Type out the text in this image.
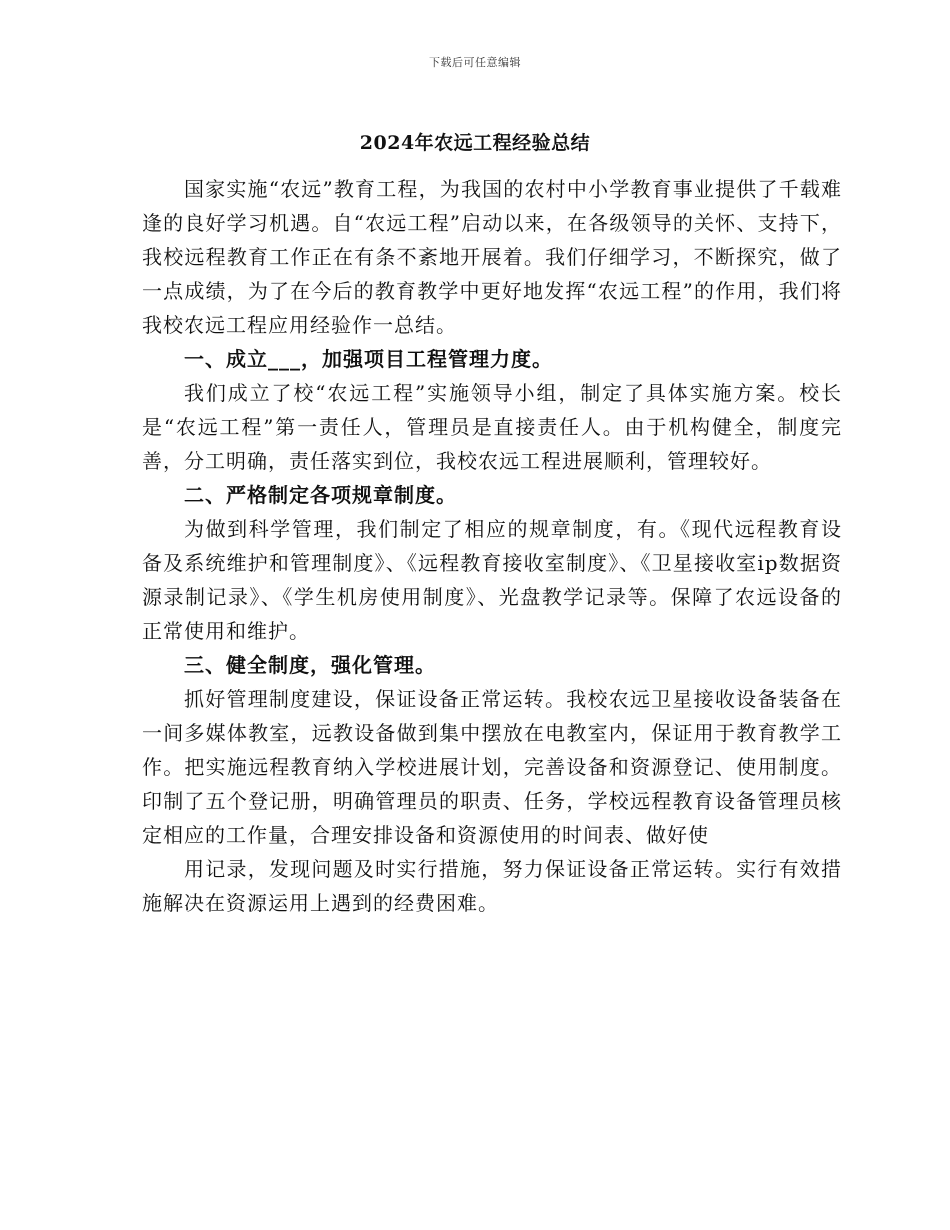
下载后可任意编辑
2024年农远工程经验总结

国家实施“农远”教育工程，为我国的农村中小学教育事业提供了千载难逢的良好学习机遇。自“农远工程”启动以来，在各级领导的关怀、支持下，我校远程教育工作正在有条不紊地开展着。我们仔细学习，不断探究，做了一点成绩，为了在今后的教育教学中更好地发挥“农远工程”的作用，我们将我校农远工程应用经验作一总结。

一、成立___，加强项目工程管理力度。

我们成立了校“农远工程”实施领导小组，制定了具体实施方案。校长是“农远工程”第一责任人，管理员是直接责任人。由于机构健全，制度完善，分工明确，责任落实到位，我校农远工程进展顺利，管理较好。

二、严格制定各项规章制度。

为做到科学管理，我们制定了相应的规章制度，有。《现代远程教育设备及系统维护和管理制度》、《远程教育接收室制度》、《卫星接收室ip数据资源录制记录》、《学生机房使用制度》、光盘教学记录等。保障了农远设备的正常使用和维护。

三、健全制度，强化管理。

抓好管理制度建设，保证设备正常运转。我校农远卫星接收设备装备在一间多媒体教室，远教设备做到集中摆放在电教室内，保证用于教育教学工作。把实施远程教育纳入学校进展计划，完善设备和资源登记、使用制度。印制了五个登记册，明确管理员的职责、任务，学校远程教育设备管理员核定相应的工作量，合理安排设备和资源使用的时间表、做好使

用记录，发现问题及时实行措施，努力保证设备正常运转。实行有效措施解决在资源运用上遇到的经费困难。
